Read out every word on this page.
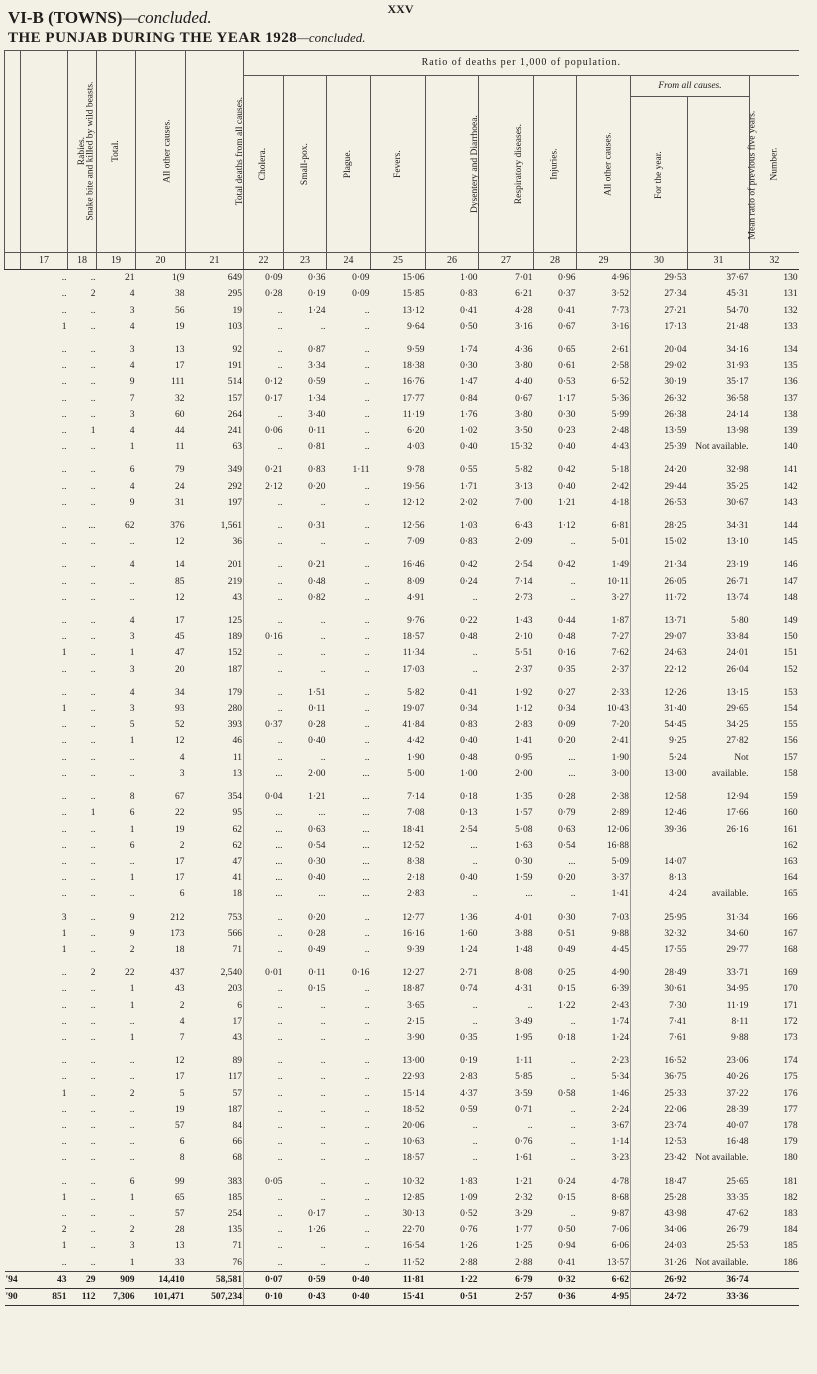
XXV
VI-B (TOWNS)—concluded.
THE PUNJAB DURING THE YEAR 1928—concluded.
	Snake bite and killed by wild beasts.	Rabies.	Total.	All other causes.	Total deaths from all causes.	Ratio of deaths per 1,000 of population.										
						Cholera.	Small-pox.	Plague.	Fevers.	Dysentery and Diarrhoea.	Respiratory diseases.	Injuries.	All other causes.	From all causes.		Number.
														For the year.	Mean ratio of previous five years.	
	17	18	19	20	21	22	23	24	25	26	27	28	29	30	31	32
	..	..	21	1(9	649	0·09	0·36	0·09	15·06	1·00	7·01	0·96	4·96	29·53	37·67	130
	..	2	4	38	295	0·28	0·19	0·09	15·85	0·83	6·21	0·37	3·52	27·34	45·31	131
	..	..	3	56	19	..	1·24	..	13·12	0·41	4·28	0·41	7·73	27·21	54·70	132
	1	..	4	19	103	..	..	..	9·64	0·50	3·16	0·67	3·16	17·13	21·48	133
	..	..	3	13	92	..	0·87	..	9·59	1·74	4·36	0·65	2·61	20·04	34·16	134
	..	..	4	17	191	..	3·34	..	18·38	0·30	3·80	0·61	2·58	29·02	31·93	135
	..	..	9	111	514	0·12	0·59	..	16·76	1·47	4·40	0·53	6·52	30·19	35·17	136
	..	..	7	32	157	0·17	1·34	..	17·77	0·84	0·67	1·17	5·36	26·32	36·58	137
	..	..	3	60	264	..	3·40	..	11·19	1·76	3·80	0·30	5·99	26·38	24·14	138
	..	1	4	44	241	0·06	0·11	..	6·20	1·02	3·50	0·23	2·48	13·59	13·98	139
	..	..	1	11	63	..	0·81	..	4·03	0·40	15·32	0·40	4·43	25·39	Not available.	140
	..	..	6	79	349	0·21	0·83	1·11	9·78	0·55	5·82	0·42	5·18	24·20	32·98	141
	..	..	4	24	292	2·12	0·20	..	19·56	1·71	3·13	0·40	2·42	29·44	35·25	142
	..	..	9	31	197	..	..	..	12·12	2·02	7·00	1·21	4·18	26·53	30·67	143
	..	...	62	376	1,561	..	0·31	..	12·56	1·03	6·43	1·12	6·81	28·25	34·31	144
	..	..	..	12	36	..	..	..	7·09	0·83	2·09	..	5·01	15·02	13·10	145
	..	..	4	14	201	..	0·21	..	16·46	0·42	2·54	0·42	1·49	21·34	23·19	146
	..	..	..	85	219	..	0·48	..	8·09	0·24	7·14	..	10·11	26·05	26·71	147
	..	..	..	12	43	..	0·82	..	4·91	..	2·73	..	3·27	11·72	13·74	148
	..	..	4	17	125	..	..	..	9·76	0·22	1·43	0·44	1·87	13·71	5·80	149
	..	..	3	45	189	0·16	..	..	18·57	0·48	2·10	0·48	7·27	29·07	33·84	150
	1	..	1	47	152	..	..	..	11·34	..	5·51	0·16	7·62	24·63	24·01	151
	..	..	3	20	187	..	..	..	17·03	..	2·37	0·35	2·37	22·12	26·04	152
	..	..	4	34	179	..	1·51	..	5·82	0·41	1·92	0·27	2·33	12·26	13·15	153
	1	..	3	93	280	..	0·11	..	19·07	0·34	1·12	0·34	10·43	31·40	29·65	154
	..	..	5	52	393	0·37	0·28	..	41·84	0·83	2·83	0·09	7·20	54·45	34·25	155
	..	..	1	12	46	..	0·40	..	4·42	0·40	1·41	0·20	2·41	9·25	27·82	156
	..	..	..	4	11	..	..	..	1·90	0·48	0·95	...	1·90	5·24	Not	157
	..	..	..	3	13	...	2·00	...	5·00	1·00	2·00	...	3·00	13·00	available.	158
	..	..	8	67	354	0·04	1·21	...	7·14	0·18	1·35	0·28	2·38	12·58	12·94	159
	..	1	6	22	95	...	...	...	7·08	0·13	1·57	0·79	2·89	12·46	17·66	160
	..	..	1	19	62	...	0·63	...	18·41	2·54	5·08	0·63	12·06	39·36	26·16	161
	..	..	6	2	62	...	0·54	...	12·52	...	1·63	0·54	16·88			162
	..	..	..	17	47	...	0·30	...	8·38	..	0·30	...	5·09	14·07		163
	..	..	1	17	41	...	0·40	...	2·18	0·40	1·59	0·20	3·37	8·13		164
	..	..	..	6	18	...	...	...	2·83	..	...	..	1·41	4·24	available.	165
	3	..	9	212	753	..	0·20	..	12·77	1·36	4·01	0·30	7·03	25·95	31·34	166
	1	..	9	173	566	..	0·28	..	16·16	1·60	3·88	0·51	9·88	32·32	34·60	167
	1	..	2	18	71	..	0·49	..	9·39	1·24	1·48	0·49	4·45	17·55	29·77	168
	..	2	22	437	2,540	0·01	0·11	0·16	12·27	2·71	8·08	0·25	4·90	28·49	33·71	169
	..	..	1	43	203	..	0·15	..	18·87	0·74	4·31	0·15	6·39	30·61	34·95	170
	..	..	1	2	6	..	..	..	3·65	..	..	1·22	2·43	7·30	11·19	171
	..	..	..	4	17	..	..	..	2·15	..	3·49	..	1·74	7·41	8·11	172
	..	..	1	7	43	..	..	..	3·90	0·35	1·95	0·18	1·24	7·61	9·88	173
	..	..	..	12	89	..	..	..	13·00	0·19	1·11	..	2·23	16·52	23·06	174
	..	..	..	17	117	..	..	..	22·93	2·83	5·85	..	5·34	36·75	40·26	175
	1	..	2	5	57	..	..	..	15·14	4·37	3·59	0·58	1·46	25·33	37·22	176
	..	..	..	19	187	..	..	..	18·52	0·59	0·71	..	2·24	22·06	28·39	177
	..	..	..	57	84	..	..	..	20·06	..	..	..	3·67	23·74	40·07	178
	..	..	..	6	66	..	..	..	10·63	..	0·76	..	1·14	12·53	16·48	179
	..	..	..	8	68	..	..	..	18·57	..	1·61	..	3·23	23·42	Not available.	180
	..	..	6	99	383	0·05	..	..	10·32	1·83	1·21	0·24	4·78	18·47	25·65	181
	1	..	1	65	185	..	..	..	12·85	1·09	2·32	0·15	8·68	25·28	33·35	182
	..	..	..	57	254	..	0·17	..	30·13	0·52	3·29	..	9·87	43·98	47·62	183
	2	..	2	28	135	..	1·26	..	22·70	0·76	1·77	0·50	7·06	34·06	26·79	184
	1	..	3	13	71	..	..	..	16·54	1·26	1·25	0·94	6·06	24·03	25·53	185
	..	..	1	33	76	..	..	..	11·52	2·88	2·88	0·41	13·57	31·26	Not available.	186
'94	43	29	909	14,410	58,581	0·07	0·59	0·40	11·81	1·22	6·79	0·32	6·62	26·92	36·74	
'90	851	112	7,306	101,471	507,234	0·10	0·43	0·40	15·41	0·51	2·57	0·36	4·95	24·72	33·36	
